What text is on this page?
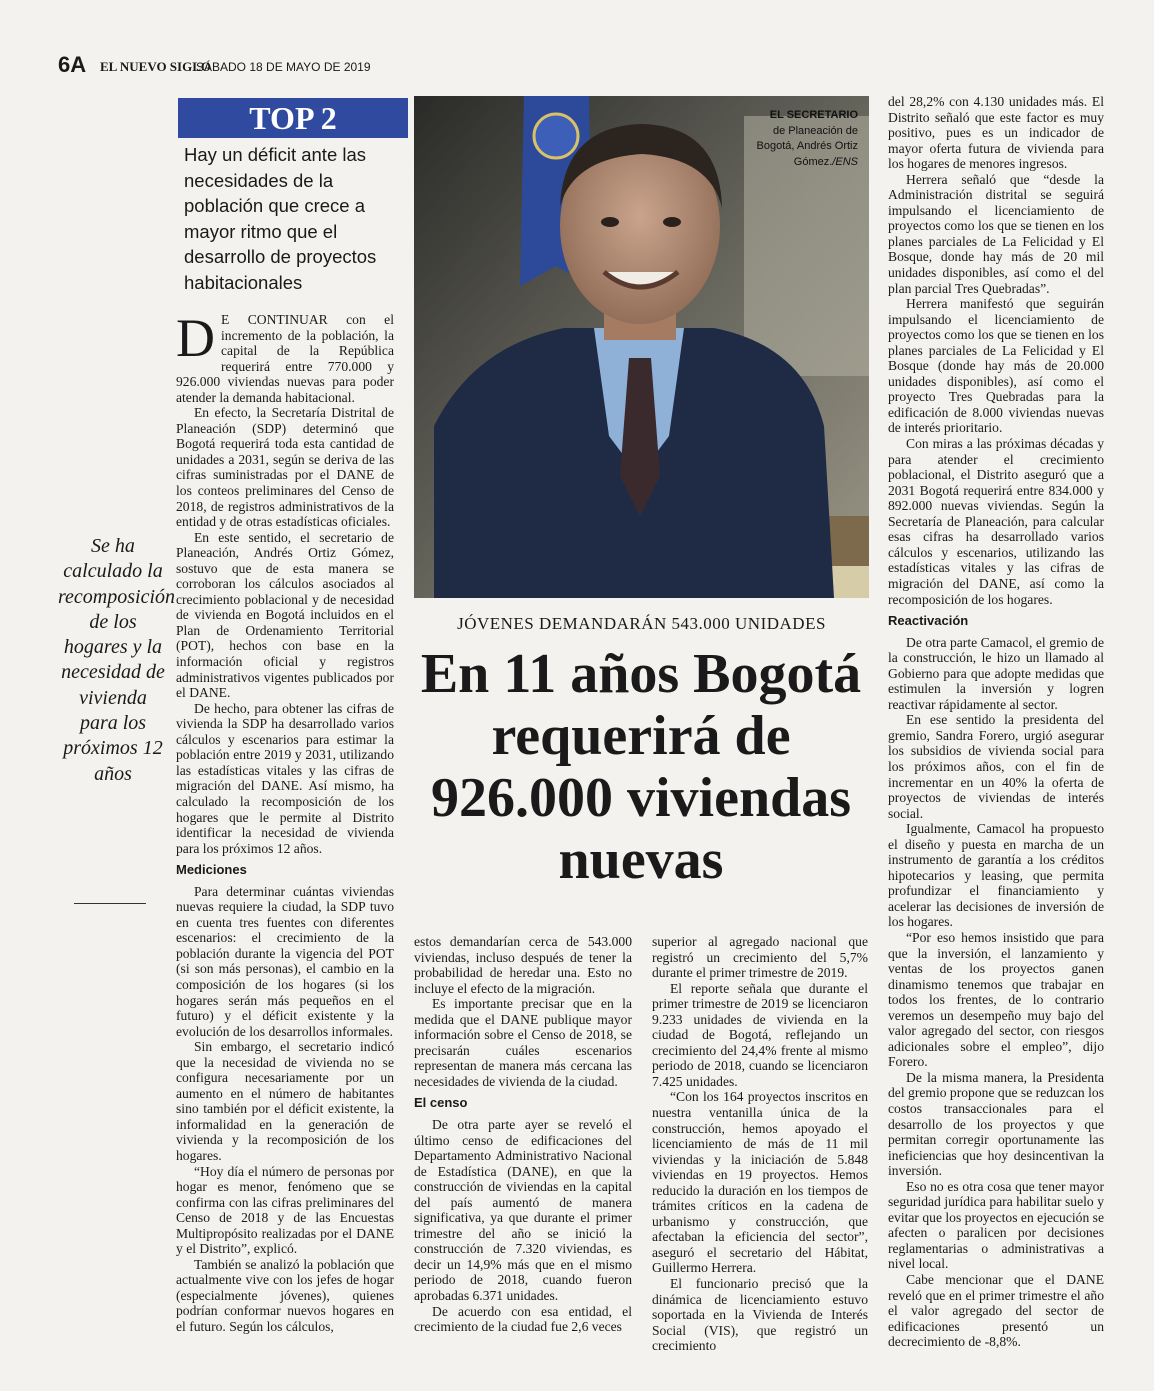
6A EL NUEVO SIGLO
SÁBADO 18 DE MAYO DE 2019
TOP 2
Hay un déficit ante las necesidades de la población que crece a mayor ritmo que el desarrollo de proyectos habitacionales
Se ha calculado la recomposición de los hogares y la necesidad de vivienda para los próximos 12 años

D E CONTINUAR con el incremento de la población, la capital de la República requerirá entre 770.000 y 926.000 viviendas nuevas para poder atender la demanda habitacional.

En efecto, la Secretaría Distrital de Planeación (SDP) determinó que Bogotá requerirá toda esta cantidad de unidades a 2031, según se deriva de las cifras suministradas por el DANE de los conteos preliminares del Censo de 2018, de registros administrativos de la entidad y de otras estadísticas oficiales.

En este sentido, el secretario de Planeación, Andrés Ortiz Gómez, sostuvo que de esta manera se corroboran los cálculos asociados al crecimiento poblacional y de necesidad de vivienda en Bogotá incluidos en el Plan de Ordenamiento Territorial (POT), hechos con base en la información oficial y registros administrativos vigentes publicados por el DANE.

De hecho, para obtener las cifras de vivienda la SDP ha desarrollado varios cálculos y escenarios para estimar la población entre 2019 y 2031, utilizando las estadísticas vitales y las cifras de migración del DANE. Así mismo, ha calculado la recomposición de los hogares que le permite al Distrito identificar la necesidad de vivienda para los próximos 12 años.

Mediciones

Para determinar cuántas viviendas nuevas requiere la ciudad, la SDP tuvo en cuenta tres fuentes con diferentes escenarios: el crecimiento de la población durante la vigencia del POT (si son más personas), el cambio en la composición de los hogares (si los hogares serán más pequeños en el futuro) y el déficit existente y la evolución de los desarrollos informales.

Sin embargo, el secretario indicó que la necesidad de vivienda no se configura necesariamente por un aumento en el número de habitantes sino también por el déficit existente, la informalidad en la generación de vivienda y la recomposición de los hogares.

“Hoy día el número de personas por hogar es menor, fenómeno que se confirma con las cifras preliminares del Censo de 2018 y de las Encuestas Multipropósito realizadas por el DANE y el Distrito”, explicó.

También se analizó la población que actualmente vive con los jefes de hogar (especialmente jóvenes), quienes podrían conformar nuevos hogares en el futuro. Según los cálculos,

EL SECRETARIO
de Planeación de Bogotá, Andrés Ortiz Gómez./ENS
JÓVENES DEMANDARÁN 543.000 UNIDADES
En 11 años Bogotá requerirá de 926.000 viviendas nuevas

estos demandarían cerca de 543.000 viviendas, incluso después de tener la probabilidad de heredar una. Esto no incluye el efecto de la migración.

Es importante precisar que en la medida que el DANE publique mayor información sobre el Censo de 2018, se precisarán cuáles escenarios representan de manera más cercana las necesidades de vivienda de la ciudad.

El censo

De otra parte ayer se reveló el último censo de edificaciones del Departamento Administrativo Nacional de Estadística (DANE), en que la construcción de viviendas en la capital del país aumentó de manera significativa, ya que durante el primer trimestre del año se inició la construcción de 7.320 viviendas, es decir un 14,9% más que en el mismo periodo de 2018, cuando fueron aprobadas 6.371 unidades.

De acuerdo con esa entidad, el crecimiento de la ciudad fue 2,6 veces

superior al agregado nacional que registró un crecimiento del 5,7% durante el primer trimestre de 2019.

El reporte señala que durante el primer trimestre de 2019 se licenciaron 9.233 unidades de vivienda en la ciudad de Bogotá, reflejando un crecimiento del 24,4% frente al mismo periodo de 2018, cuando se licenciaron 7.425 unidades.

“Con los 164 proyectos inscritos en nuestra ventanilla única de la construcción, hemos apoyado el licenciamiento de más de 11 mil viviendas y la iniciación de 5.848 viviendas en 19 proyectos. Hemos reducido la duración en los tiempos de trámites críticos en la cadena de urbanismo y construcción, que afectaban la eficiencia del sector”, aseguró el secretario del Hábitat, Guillermo Herrera.

El funcionario precisó que la dinámica de licenciamiento estuvo soportada en la Vivienda de Interés Social (VIS), que registró un crecimiento

del 28,2% con 4.130 unidades más. El Distrito señaló que este factor es muy positivo, pues es un indicador de mayor oferta futura de vivienda para los hogares de menores ingresos.

Herrera señaló que “desde la Administración distrital se seguirá impulsando el licenciamiento de proyectos como los que se tienen en los planes parciales de La Felicidad y El Bosque, donde hay más de 20 mil unidades disponibles, así como el del plan parcial Tres Quebradas”.

Herrera manifestó que seguirán impulsando el licenciamiento de proyectos como los que se tienen en los planes parciales de La Felicidad y El Bosque (donde hay más de 20.000 unidades disponibles), así como el proyecto Tres Quebradas para la edificación de 8.000 viviendas nuevas de interés prioritario.

Con miras a las próximas décadas y para atender el crecimiento poblacional, el Distrito aseguró que a 2031 Bogotá requerirá entre 834.000 y 892.000 nuevas viviendas. Según la Secretaría de Planeación, para calcular esas cifras ha desarrollado varios cálculos y escenarios, utilizando las estadísticas vitales y las cifras de migración del DANE, así como la recomposición de los hogares.

Reactivación

De otra parte Camacol, el gremio de la construcción, le hizo un llamado al Gobierno para que adopte medidas que estimulen la inversión y logren reactivar rápidamente al sector.

En ese sentido la presidenta del gremio, Sandra Forero, urgió asegurar los subsidios de vivienda social para los próximos años, con el fin de incrementar en un 40% la oferta de proyectos de viviendas de interés social.

Igualmente, Camacol ha propuesto el diseño y puesta en marcha de un instrumento de garantía a los créditos hipotecarios y leasing, que permita profundizar el financiamiento y acelerar las decisiones de inversión de los hogares.

“Por eso hemos insistido que para que la inversión, el lanzamiento y ventas de los proyectos ganen dinamismo tenemos que trabajar en todos los frentes, de lo contrario veremos un desempeño muy bajo del valor agregado del sector, con riesgos adicionales sobre el empleo”, dijo Forero.

De la misma manera, la Presidenta del gremio propone que se reduzcan los costos transaccionales para el desarrollo de los proyectos y que permitan corregir oportunamente las ineficiencias que hoy desincentivan la inversión.

Eso no es otra cosa que tener mayor seguridad jurídica para habilitar suelo y evitar que los proyectos en ejecución se afecten o paralicen por decisiones reglamentarias o administrativas a nivel local.

Cabe mencionar que el DANE reveló que en el primer trimestre el año el valor agregado del sector de edificaciones presentó un decrecimiento de -8,8%.
